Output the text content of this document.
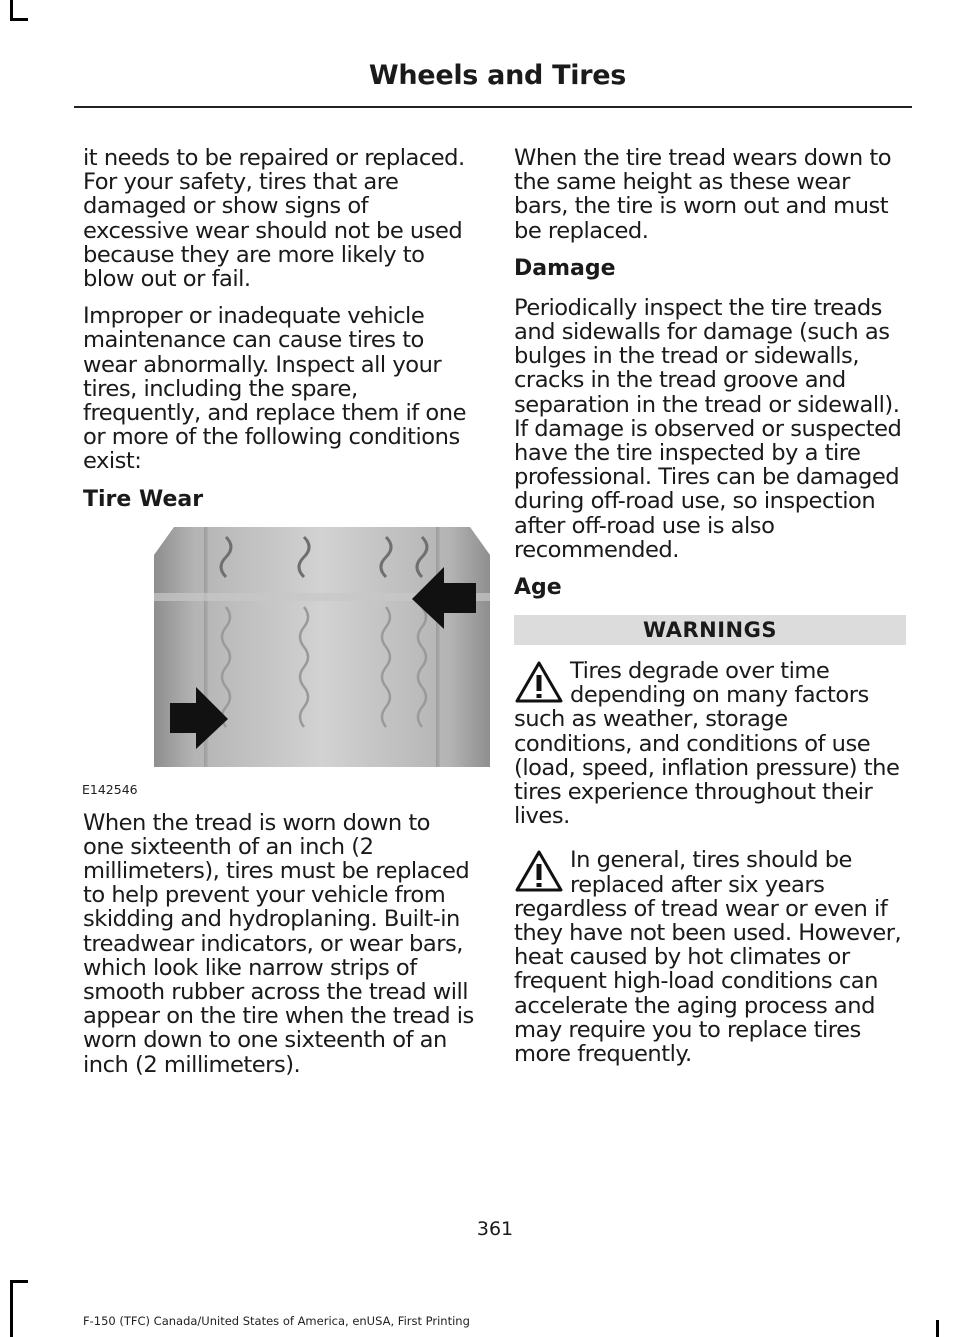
Wheels and Tires

it needs to be repaired or replaced. For your safety, tires that are damaged or show signs of excessive wear should not be used because they are more likely to blow out or fail.

Improper or inadequate vehicle maintenance can cause tires to wear abnormally. Inspect all your tires, including the spare, frequently, and replace them if one or more of the following conditions exist:

Tire Wear
E142546

When the tread is worn down to one sixteenth of an inch (2 millimeters), tires must be replaced to help prevent your vehicle from skidding and hydroplaning. Built-in treadwear indicators, or wear bars, which look like narrow strips of smooth rubber across the tread will appear on the tire when the tread is worn down to one sixteenth of an inch (2 millimeters).

When the tire tread wears down to the same height as these wear bars, the tire is worn out and must be replaced.

Damage

Periodically inspect the tire treads and sidewalls for damage (such as bulges in the tread or sidewalls, cracks in the tread groove and separation in the tread or sidewall). If damage is observed or suspected have the tire inspected by a tire professional. Tires can be damaged during off-road use, so inspection after off-road use is also recommended.

Age
WARNINGS

Tires degrade over time depending on many factors such as weather, storage conditions, and conditions of use (load, speed, inflation pressure) the tires experience throughout their lives.

In general, tires should be replaced after six years regardless of tread wear or even if they have not been used. However, heat caused by hot climates or frequent high-load conditions can accelerate the aging process and may require you to replace tires more frequently.

361
F-150 (TFC) Canada/United States of America, enUSA, First Printing
